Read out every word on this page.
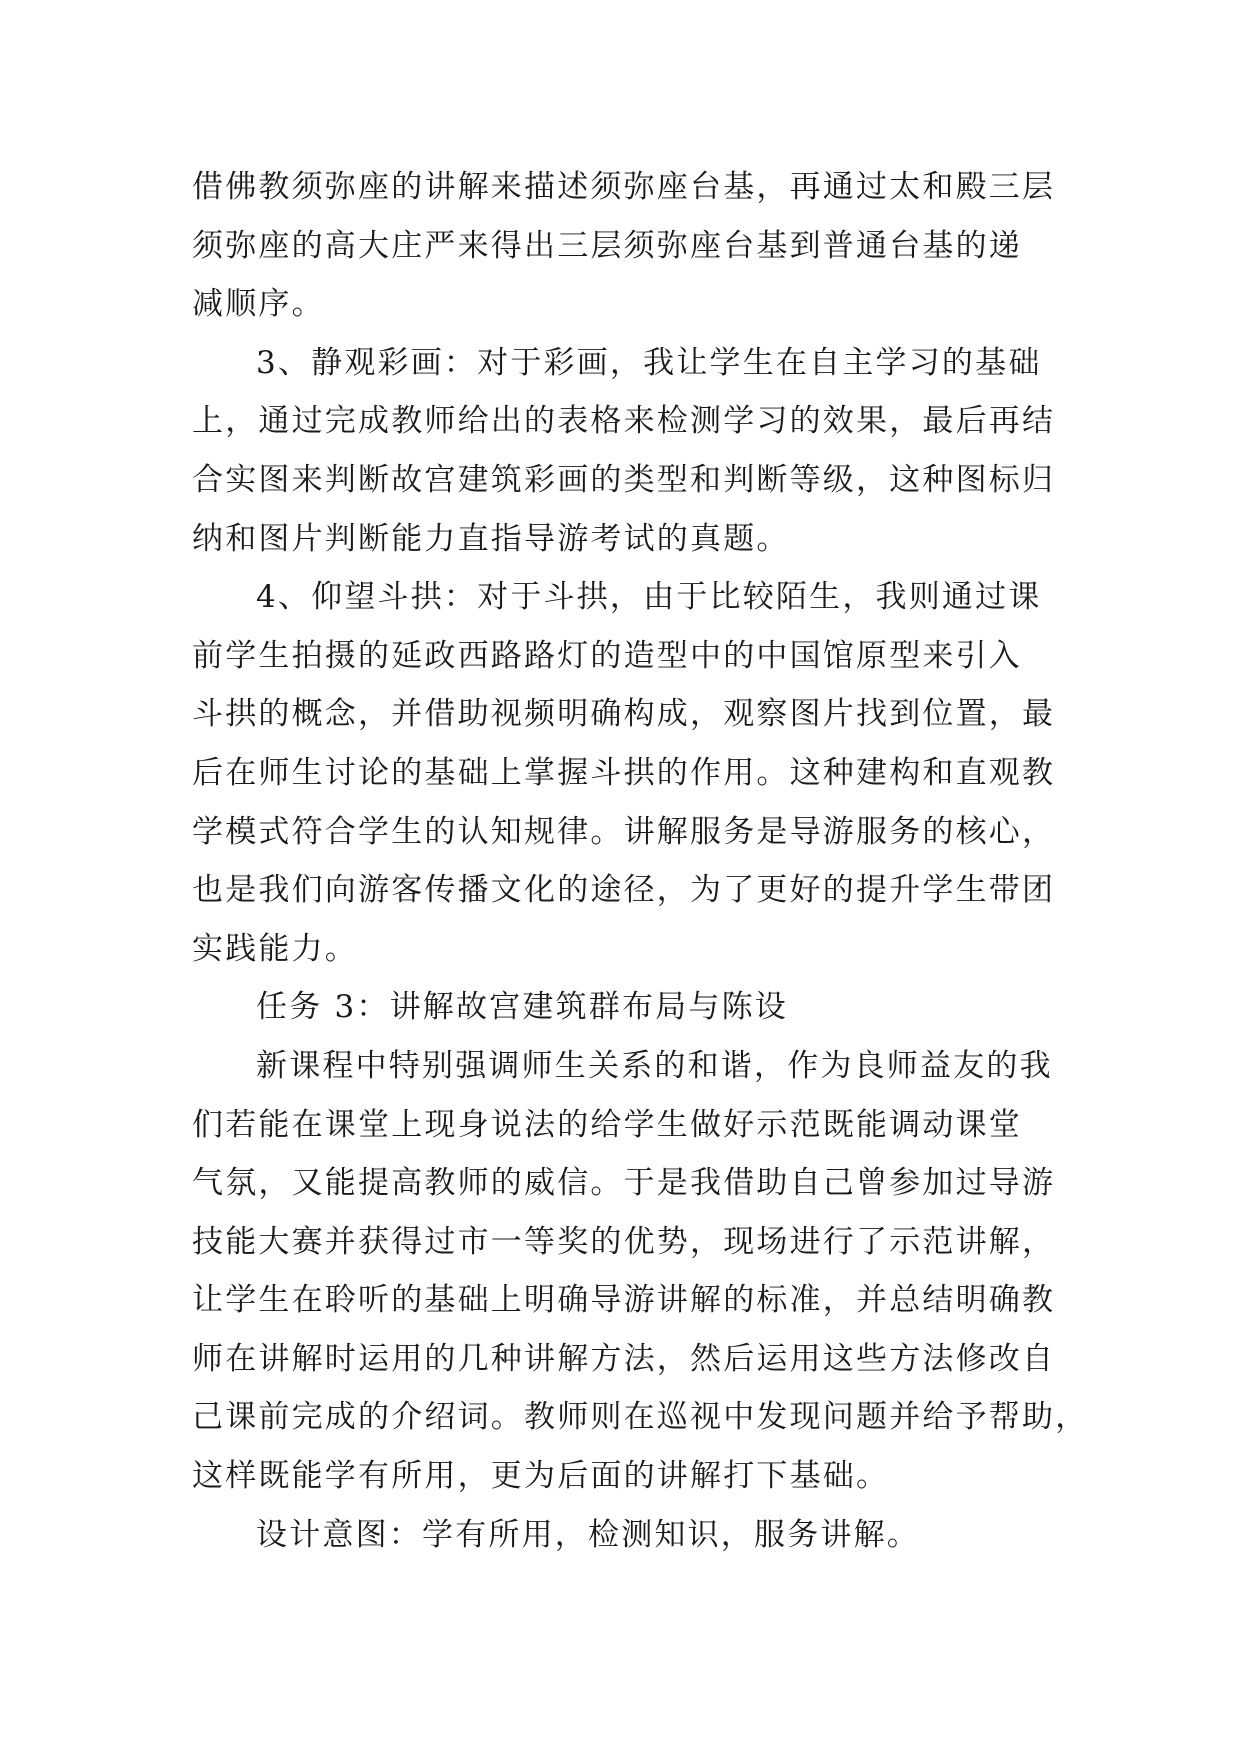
借佛教须弥座的讲解来描述须弥座台基，再通过太和殿三层
须弥座的高大庄严来得出三层须弥座台基到普通台基的递
减顺序。
3、静观彩画：对于彩画，我让学生在自主学习的基础
上，通过完成教师给出的表格来检测学习的效果，最后再结
合实图来判断故宫建筑彩画的类型和判断等级，这种图标归
纳和图片判断能力直指导游考试的真题。
4、仰望斗拱：对于斗拱，由于比较陌生，我则通过课
前学生拍摄的延政西路路灯的造型中的中国馆原型来引入
斗拱的概念，并借助视频明确构成，观察图片找到位置，最
后在师生讨论的基础上掌握斗拱的作用。这种建构和直观教
学模式符合学生的认知规律。讲解服务是导游服务的核心，
也是我们向游客传播文化的途径，为了更好的提升学生带团
实践能力。
任务 3：讲解故宫建筑群布局与陈设
新课程中特别强调师生关系的和谐，作为良师益友的我
们若能在课堂上现身说法的给学生做好示范既能调动课堂
气氛，又能提高教师的威信。于是我借助自己曾参加过导游
技能大赛并获得过市一等奖的优势，现场进行了示范讲解，
让学生在聆听的基础上明确导游讲解的标准，并总结明确教
师在讲解时运用的几种讲解方法，然后运用这些方法修改自
己课前完成的介绍词。教师则在巡视中发现问题并给予帮助，
这样既能学有所用，更为后面的讲解打下基础。
设计意图：学有所用，检测知识，服务讲解。
